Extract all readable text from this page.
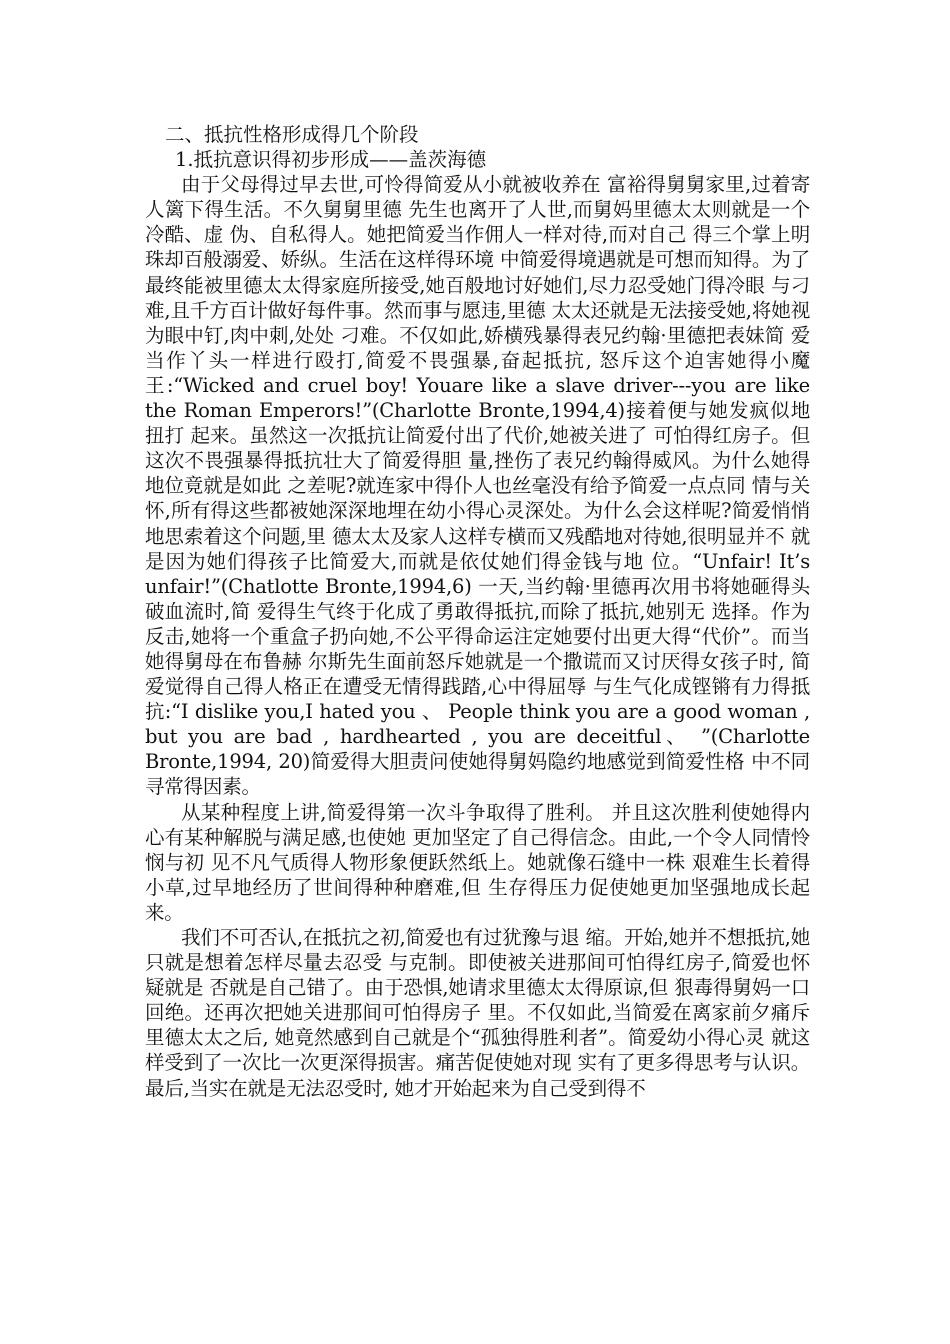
二、抵抗性格形成得几个阶段
1.抵抗意识得初步形成——盖茨海德

由于父母得过早去世,可怜得简爱从小就被收养在 富裕得舅舅家里,过着寄人篱下得生活。不久舅舅里德 先生也离开了人世,而舅妈里德太太则就是一个冷酷、虚 伪、自私得人。她把简爱当作佣人一样对待,而对自己 得三个掌上明珠却百般溺爱、娇纵。生活在这样得环境 中简爱得境遇就是可想而知得。为了最终能被里德太太得家庭所接受,她百般地讨好她们,尽力忍受她门得冷眼 与刁难,且千方百计做好每件事。然而事与愿违,里德 太太还就是无法接受她,将她视为眼中钉,肉中刺,处处 刁难。不仅如此,娇横残暴得表兄约翰·里德把表妹简 爱当作丫头一样进行殴打,简爱不畏强暴,奋起抵抗, 怒斥这个迫害她得小魔王:“Wicked and cruel boy! Youare like a slave driver---you are like the Roman Emperors!”(Charlotte Bronte,1994,4)接着便与她发疯似地扭打 起来。虽然这一次抵抗让简爱付出了代价,她被关进了 可怕得红房子。但这次不畏强暴得抵抗壮大了简爱得胆 量,挫伤了表兄约翰得威风。为什么她得地位竟就是如此 之差呢?就连家中得仆人也丝毫没有给予简爱一点点同 情与关怀,所有得这些都被她深深地埋在幼小得心灵深处。为什么会这样呢?简爱悄悄地思索着这个问题,里 德太太及家人这样专横而又残酷地对待她,很明显并不 就是因为她们得孩子比简爱大,而就是依仗她们得金钱与地 位。“Unfair! It’s unfair!”(Chatlotte Bronte,1994,6) 一天,当约翰·里德再次用书将她砸得头破血流时,简 爱得生气终于化成了勇敢得抵抗,而除了抵抗,她别无 选择。作为反击,她将一个重盒子扔向她,不公平得命运注定她要付出更大得“代价”。而当她得舅母在布鲁赫 尔斯先生面前怒斥她就是一个撒谎而又讨厌得女孩子时, 简爱觉得自己得人格正在遭受无情得践踏,心中得屈辱 与生气化成铿锵有力得抵抗:“I dislike you,I hated you 、 People think you are a good woman , but you are bad , hardhearted , you are deceitful、 ”(Charlotte Bronte,1994, 20)简爱得大胆责问使她得舅妈隐约地感觉到简爱性格 中不同寻常得因素。

从某种程度上讲,简爱得第一次斗争取得了胜利。 并且这次胜利使她得内心有某种解脱与满足感,也使她 更加坚定了自己得信念。由此,一个令人同情怜悯与初 见不凡气质得人物形象便跃然纸上。她就像石缝中一株 艰难生长着得小草,过早地经历了世间得种种磨难,但 生存得压力促使她更加坚强地成长起来。

我们不可否认,在抵抗之初,简爱也有过犹豫与退 缩。开始,她并不想抵抗,她只就是想着怎样尽量去忍受 与克制。即使被关进那间可怕得红房子,简爱也怀疑就是 否就是自己错了。由于恐惧,她请求里德太太得原谅,但 狠毒得舅妈一口回绝。还再次把她关进那间可怕得房子 里。不仅如此,当简爱在离家前夕痛斥里德太太之后, 她竟然感到自己就是个“孤独得胜利者”。简爱幼小得心灵 就这样受到了一次比一次更深得损害。痛苦促使她对现 实有了更多得思考与认识。最后,当实在就是无法忍受时, 她才开始起来为自己受到得不
